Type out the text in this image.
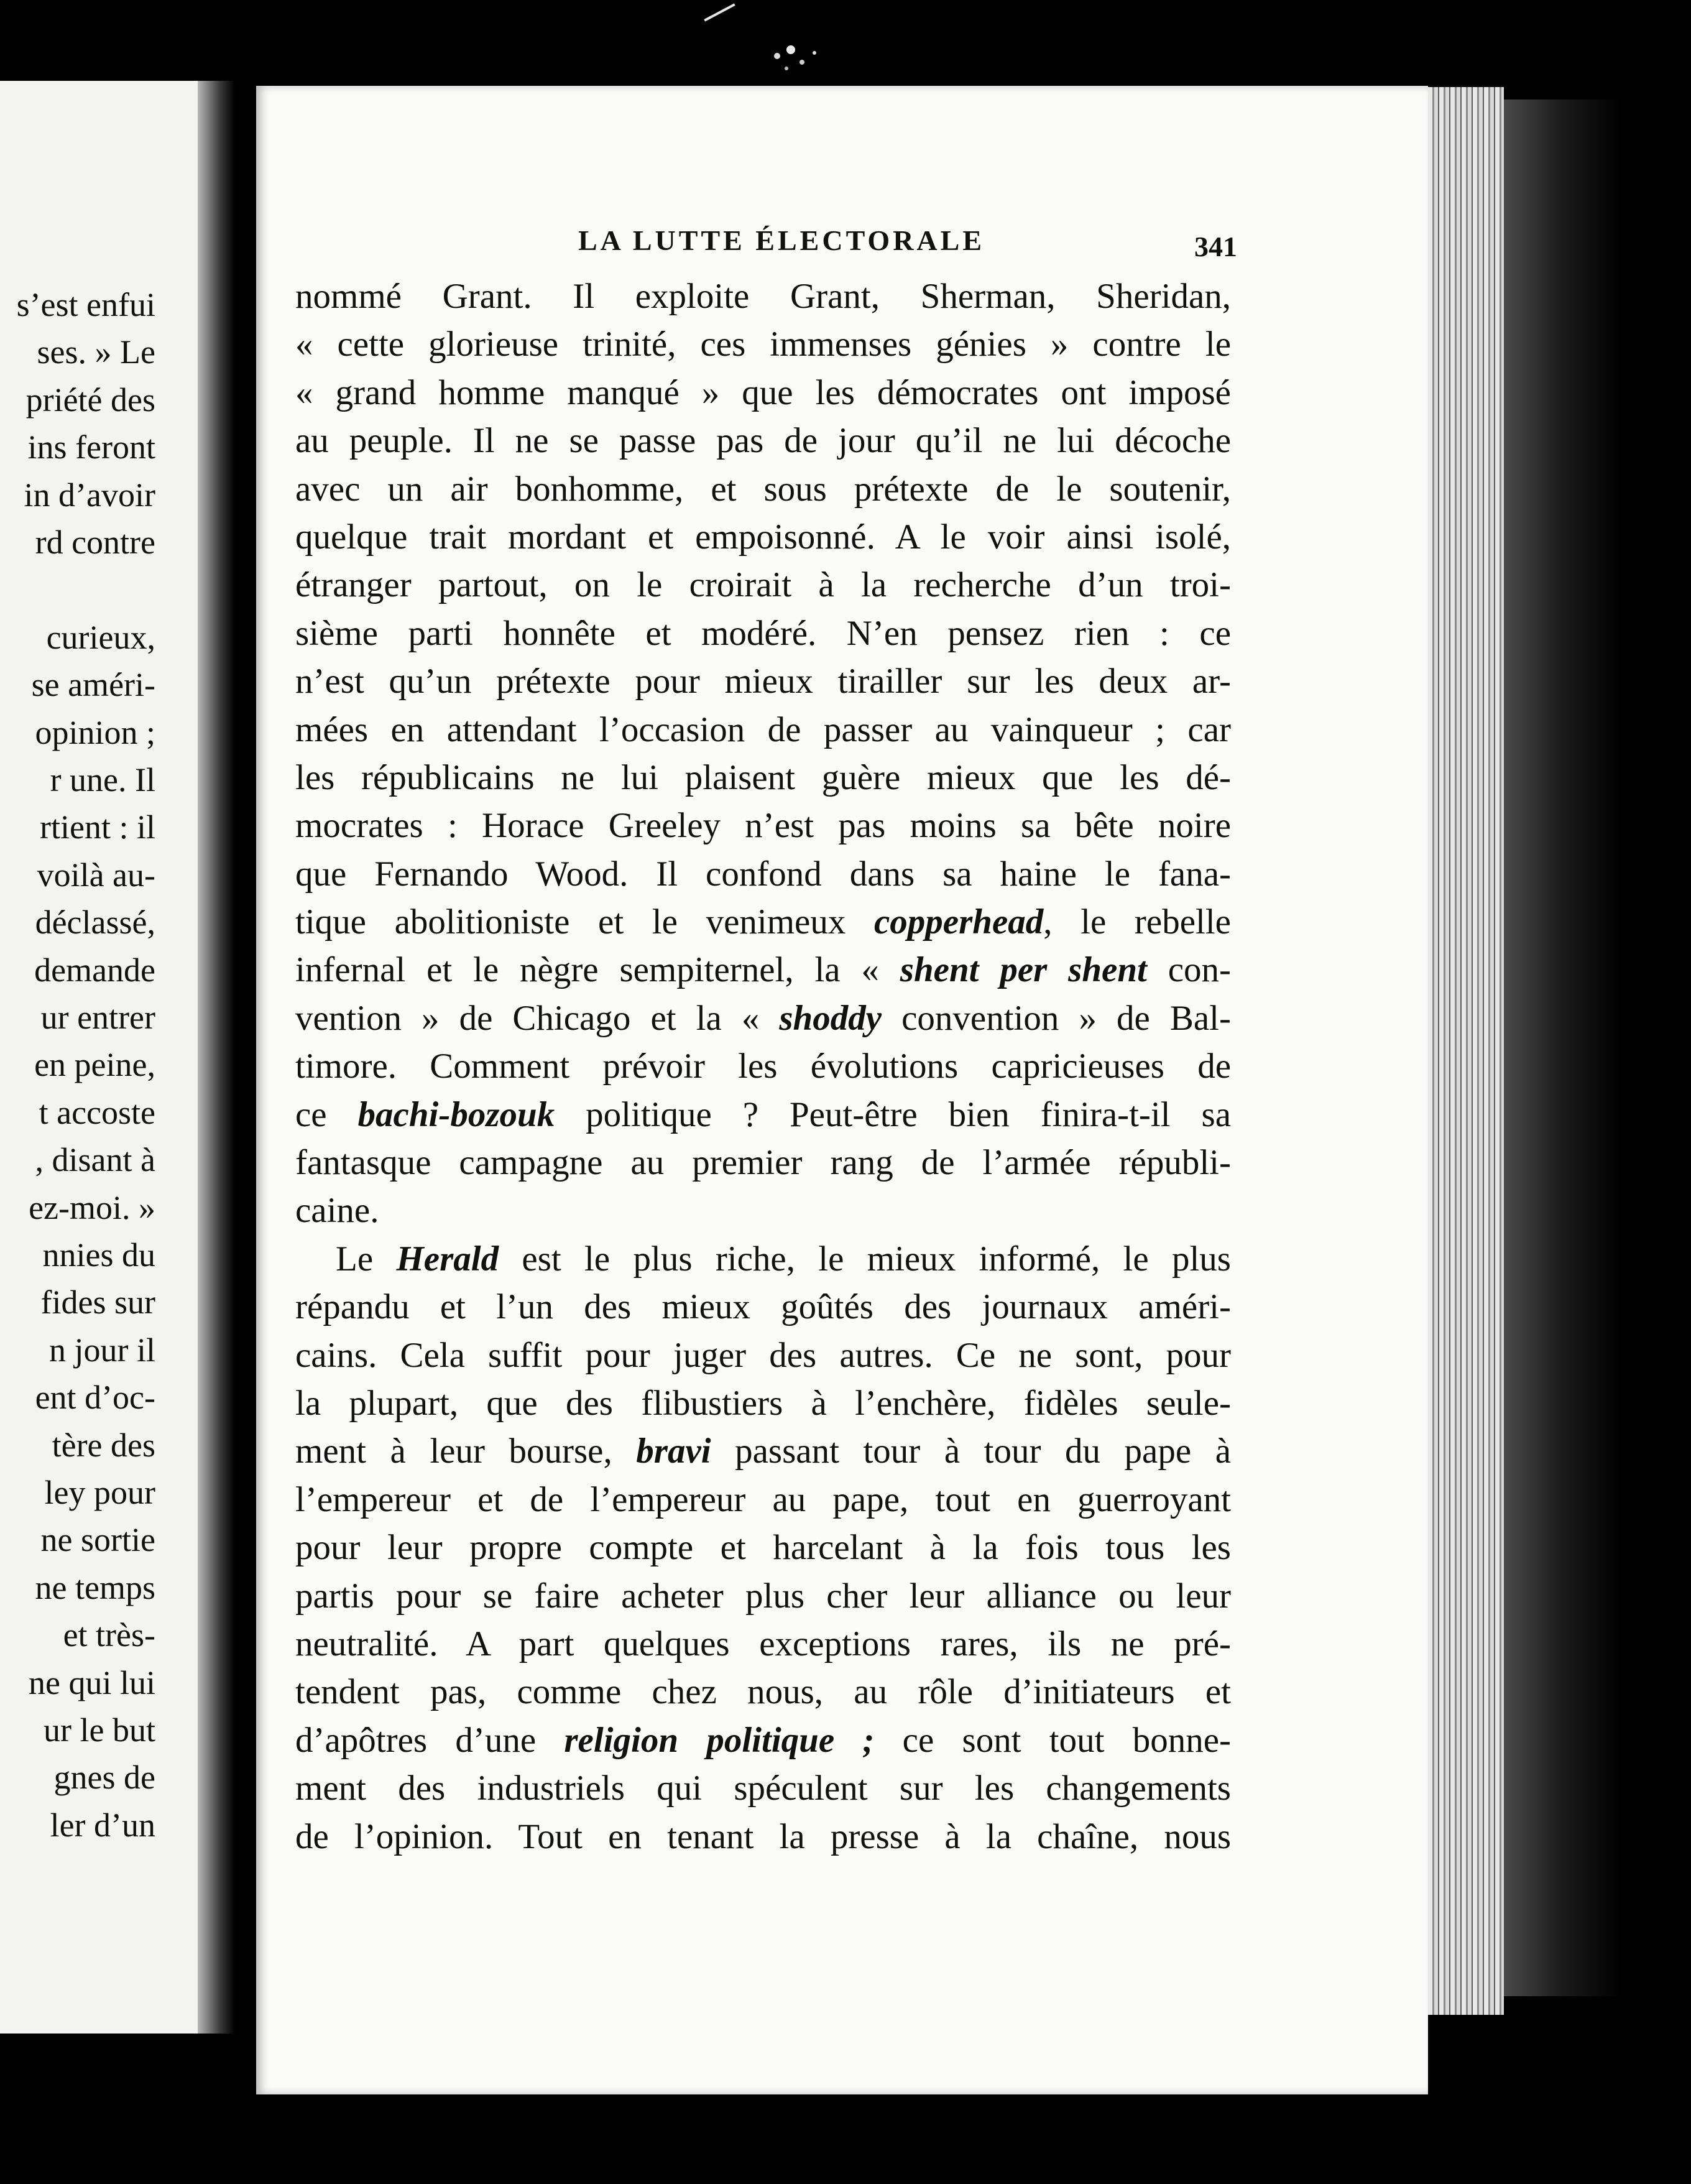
s’est enfui
ses. » Le
priété des
ins feront
in d’avoir
rd contre
curieux,
se améri-
opinion ;
r une. Il
rtient : il
voilà au-
déclassé,
demande
ur entrer
en peine,
t accoste
, disant à
ez-moi. »
nnies du
fides sur
n jour il
ent d’oc-
tère des
ley pour
ne sortie
ne temps
et très-
ne qui lui
ur le but
gnes de
ler d’un
LA LUTTE ÉLECTORALE	341
nommé Grant. Il exploite Grant, Sherman, Sheridan,
« cette glorieuse trinité, ces immenses génies » contre le
« grand homme manqué » que les démocrates ont imposé
au peuple. Il ne se passe pas de jour qu’il ne lui décoche
avec un air bonhomme, et sous prétexte de le soutenir,
quelque trait mordant et empoisonné. A le voir ainsi isolé,
étranger partout, on le croirait à la recherche d’un troi-
sième parti honnête et modéré. N’en pensez rien : ce
n’est qu’un prétexte pour mieux tirailler sur les deux ar-
mées en attendant l’occasion de passer au vainqueur ; car
les républicains ne lui plaisent guère mieux que les dé-
mocrates : Horace Greeley n’est pas moins sa bête noire
que Fernando Wood. Il confond dans sa haine le fana-
tique abolitioniste et le venimeux copperhead, le rebelle
infernal et le nègre sempiternel, la « shent per shent con-
vention » de Chicago et la « shoddy convention » de Bal-
timore. Comment prévoir les évolutions capricieuses de
ce bachi-bozouk politique ? Peut-être bien finira-t-il sa
fantasque campagne au premier rang de l’armée républi-
caine.
Le Herald est le plus riche, le mieux informé, le plus
répandu et l’un des mieux goûtés des journaux améri-
cains. Cela suffit pour juger des autres. Ce ne sont, pour
la plupart, que des flibustiers à l’enchère, fidèles seule-
ment à leur bourse, bravi passant tour à tour du pape à
l’empereur et de l’empereur au pape, tout en guerroyant
pour leur propre compte et harcelant à la fois tous les
partis pour se faire acheter plus cher leur alliance ou leur
neutralité. A part quelques exceptions rares, ils ne pré-
tendent pas, comme chez nous, au rôle d’initiateurs et
d’apôtres d’une religion politique ; ce sont tout bonne-
ment des industriels qui spéculent sur les changements
de l’opinion. Tout en tenant la presse à la chaîne, nous
